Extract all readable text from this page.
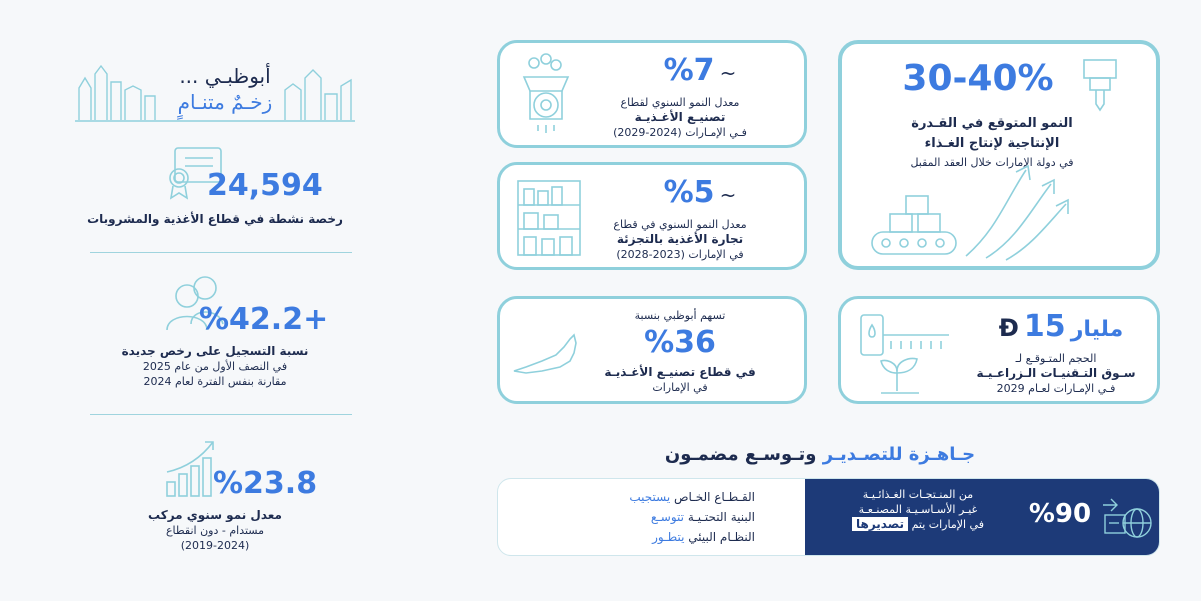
أبوظبـي ...
زخـمٌ متنـامٍ
24,594
رخصة نشطة في قطاع الأغذية والمشروبات
%42.2+
نسبة التسجيل على رخص جديدة
في النصف الأول من عام 2025
مقارنة بنفس الفترة لعام 2024
%23.8
معدل نمو سنوي مركب
مستدام - دون انقطاع
(2019-2024)
%7 ~
معدل النمو السنوي لقطاع
تصنيـع الأغـذيـة
فـي الإمـارات (2024-2029)
%5 ~
معدل النمو السنوي في قطاع
تجارة الأغذية بالتجزئة
في الإمارات (2023-2028)
تسهم أبوظبي بنسبة
%36
في قطاع تصنيـع الأغـذيـة
في الإمارات
30-40%
النمو المتوقع في القـدرة
الإنتاجية لإنتاج الغـذاء
في دولة الإمارات خلال العقد المقبل
Đ 15 مليار
الحجم المتـوقـع لـ
سـوق التـقنيـات الـزراعـيـة
فـي الإمـارات لعـام 2029
جـاهـزة للتصـديـر وتـوسـع مضمـون
القـطـاع الخـاص يستجيب
البنية التحتـيـة تتوسـع
النظـام البيئي يتطـور
من المنـتجـات الغـذائـيـة
غيـر الأسـاسـيـة المصنـعـة
في الإمارات يتم تصديرها	%90
